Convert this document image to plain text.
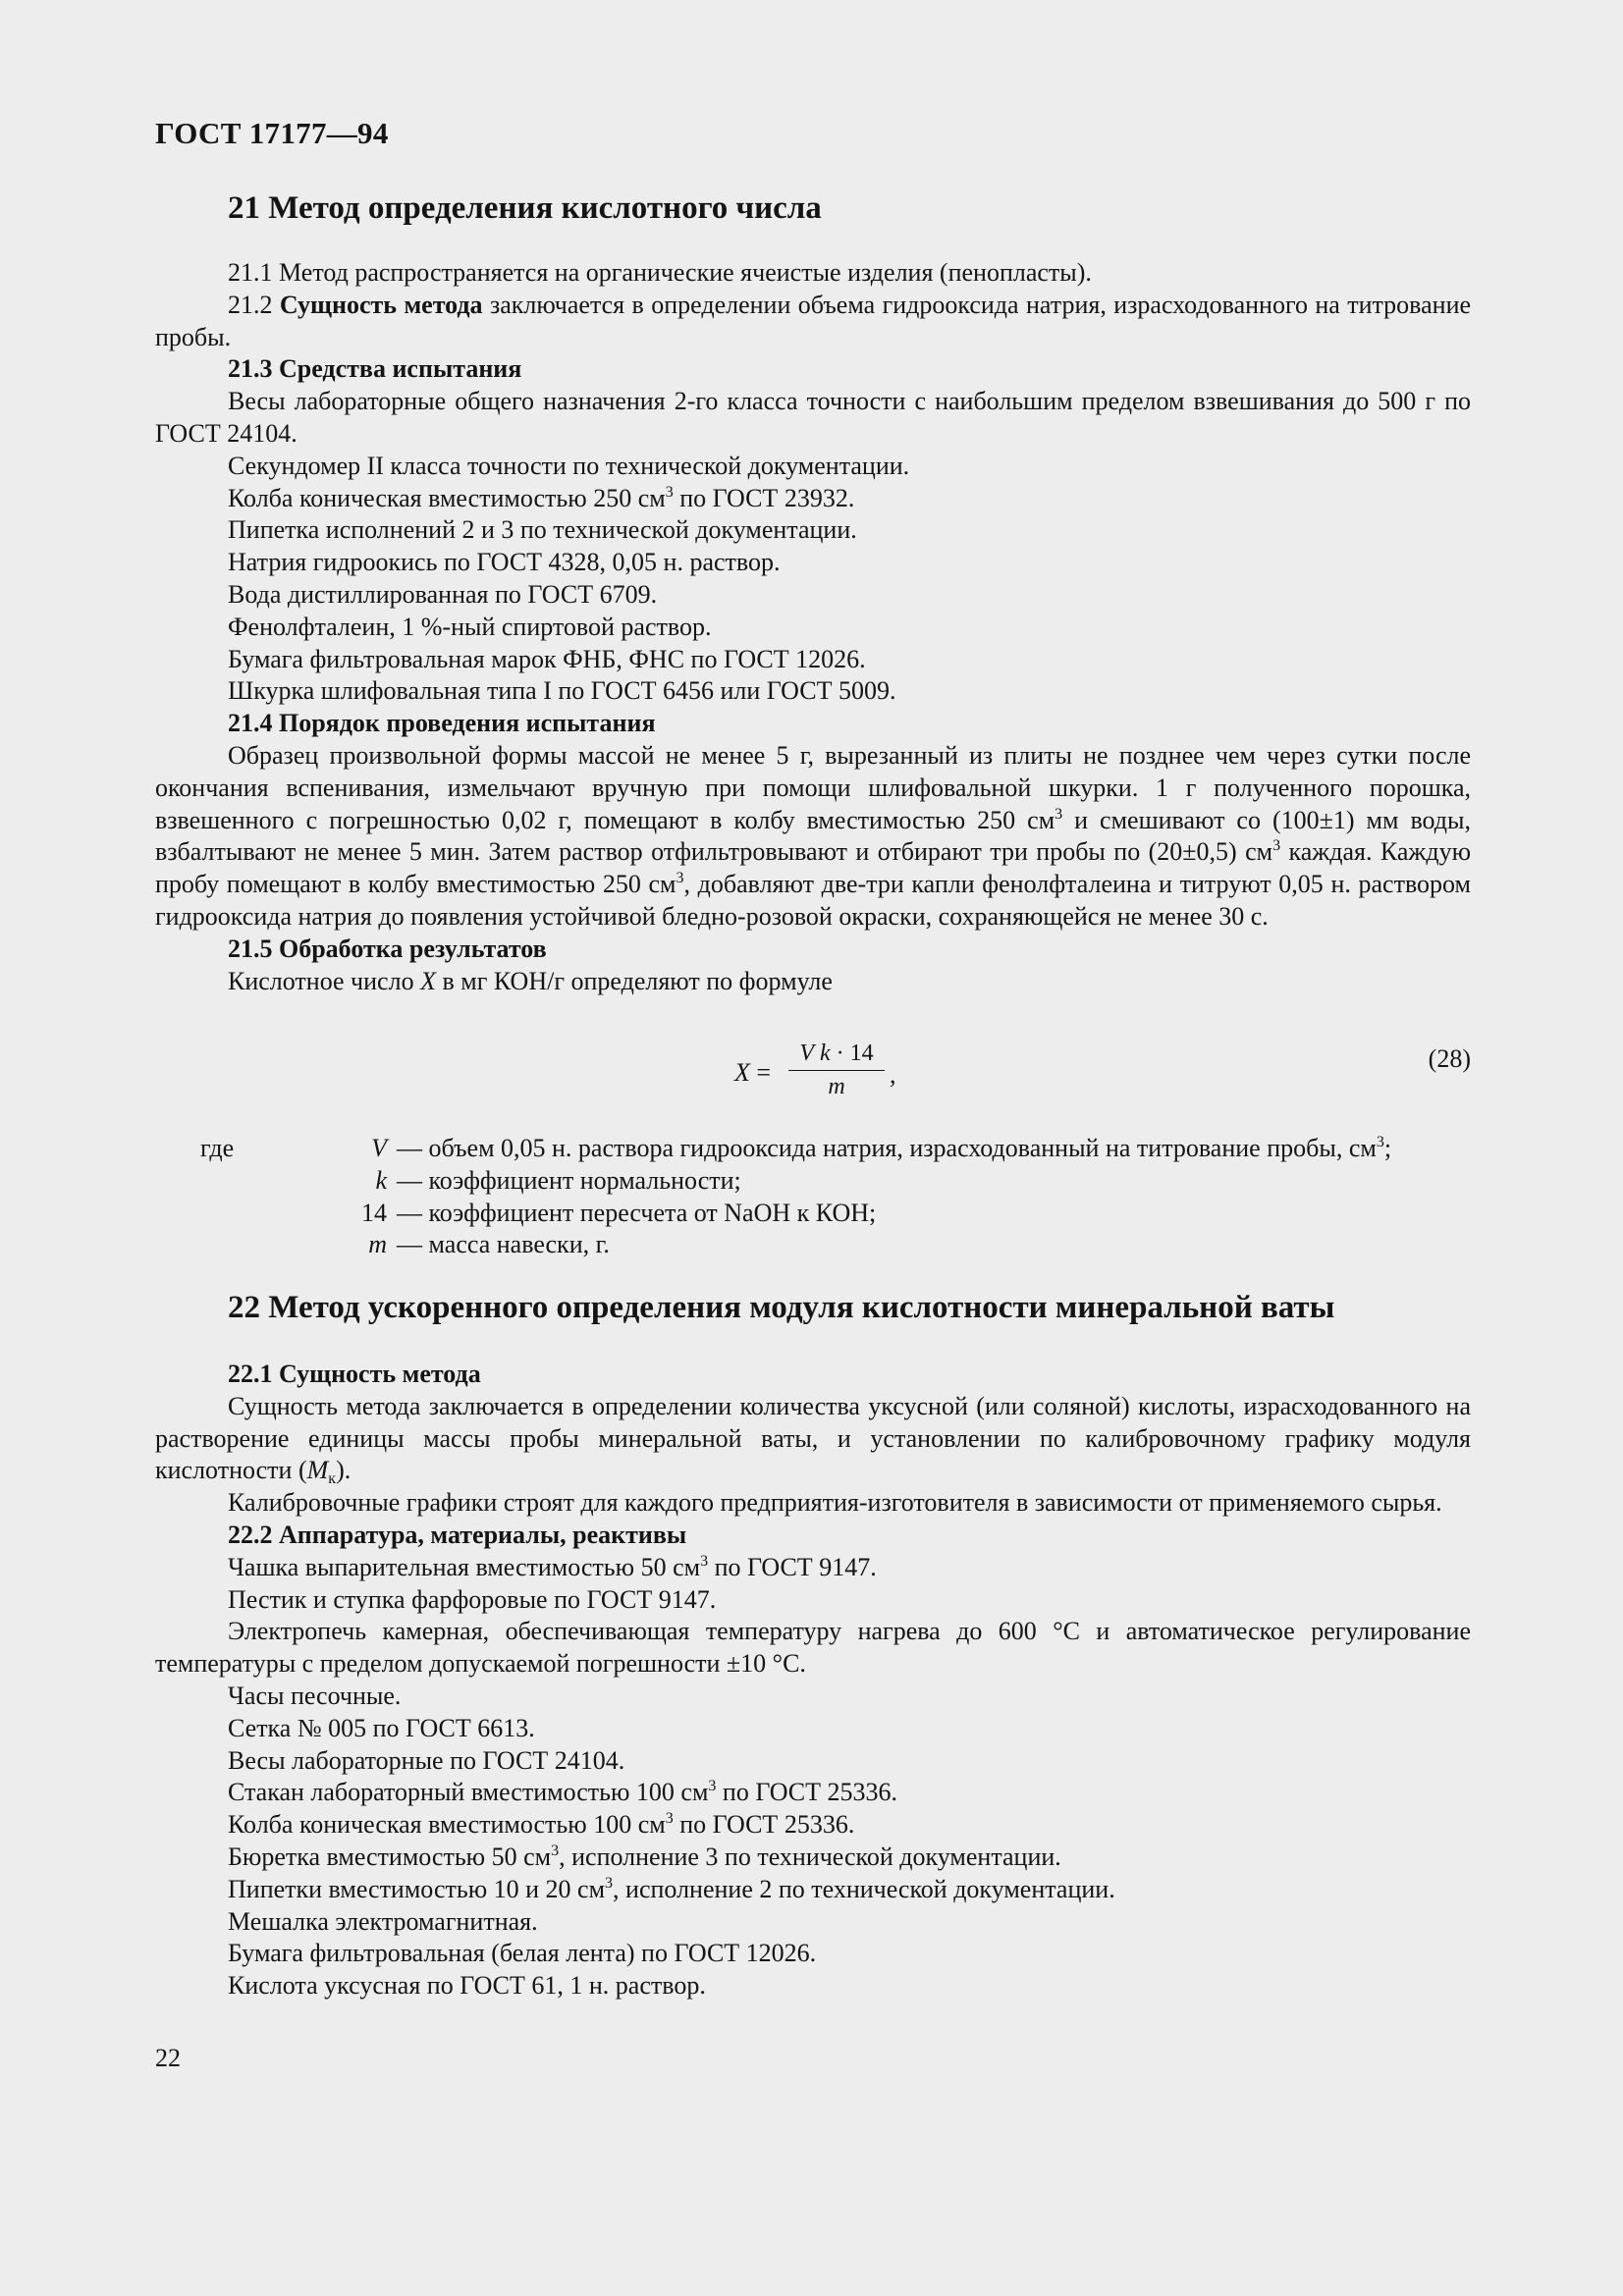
ГОСТ 17177—94
21 Метод определения кислотного числа

21.1 Метод распространяется на органические ячеистые изделия (пенопласты).

21.2 Сущность метода заключается в определении объема гидрооксида натрия, израсходованного на титрование пробы.

21.3 Средства испытания

Весы лабораторные общего назначения 2-го класса точности с наибольшим пределом взвешивания до 500 г по ГОСТ 24104.

Секундомер II класса точности по технической документации.

Колба коническая вместимостью 250 $см^3$ по ГОСТ 23932.

Пипетка исполнений 2 и 3 по технической документации.

Натрия гидроокись по ГОСТ 4328, 0,05 н. раствор.

Вода дистиллированная по ГОСТ 6709.

Фенолфталеин, 1 %-ный спиртовой раствор.

Бумага фильтровальная марок ФНБ, ФНС по ГОСТ 12026.

Шкурка шлифовальная типа I по ГОСТ 6456 или ГОСТ 5009.

21.4 Порядок проведения испытания

Образец произвольной формы массой не менее 5 г, вырезанный из плиты не позднее чем через сутки после окончания вспенивания, измельчают вручную при помощи шлифовальной шкурки. 1 г полученного порошка, взвешенного с погрешностью 0,02 г, помещают в колбу вместимостью 250 $см^3$ и смешивают со (100±1) мм воды, взбалтывают не менее 5 мин. Затем раствор отфильтровывают и отбирают три пробы по (20±0,5) $см^3$ каждая. Каждую пробу помещают в колбу вместимостью 250 $см^3$, добавляют две-три капли фенолфталеина и титруют 0,05 н. раствором гидрооксида натрия до появления устойчивой бледно-розовой окраски, сохраняющейся не менее 30 с.

21.5 Обработка результатов

Кислотное число X в мг КОН/г определяют по формуле

X =
V k · 14
m	,
(28)
где	V — объем 0,05 н. раствора гидрооксида натрия, израсходованный на титрование пробы, $см^3$;
k — коэффициент нормальности;
14 — коэффициент пересчета от NaOH к КОН;
m — масса навески, г.
22 Метод ускоренного определения модуля кислотности минеральной ваты

22.1 Сущность метода

Сущность метода заключается в определении количества уксусной (или соляной) кислоты, израсходованного на растворение единицы массы пробы минеральной ваты, и установлении по калибровочному графику модуля кислотности $(М_к)$.

Калибровочные графики строят для каждого предприятия-изготовителя в зависимости от применяемого сырья.

22.2 Аппаратура, материалы, реактивы

Чашка выпарительная вместимостью 50 $см^3$ по ГОСТ 9147.

Пестик и ступка фарфоровые по ГОСТ 9147.

Электропечь камерная, обеспечивающая температуру нагрева до 600 °С и автоматическое регулирование температуры с пределом допускаемой погрешности ±10 °С.

Часы песочные.

Сетка № 005 по ГОСТ 6613.

Весы лабораторные по ГОСТ 24104.

Стакан лабораторный вместимостью 100 $см^3$ по ГОСТ 25336.

Колба коническая вместимостью 100 $см^3$ по ГОСТ 25336.

Бюретка вместимостью 50 $см^3$, исполнение 3 по технической документации.

Пипетки вместимостью 10 и 20 $см^3$, исполнение 2 по технической документации.

Мешалка электромагнитная.

Бумага фильтровальная (белая лента) по ГОСТ 12026.

Кислота уксусная по ГОСТ 61, 1 н. раствор.

22
